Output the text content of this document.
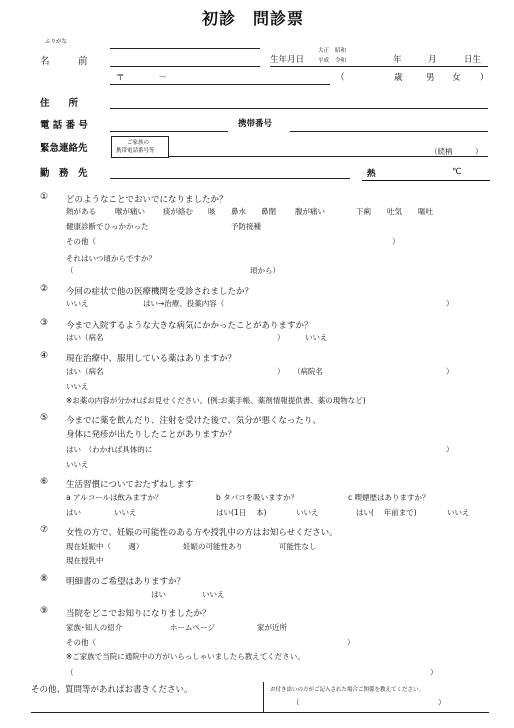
初診　問診票
ふりがな
名　　　前	生年月日
大正 昭和
平成 令和	年	月	日生
〒　　　　－	（	歳	男 女 ）
住　　所
電 話 番 号	携帯番号
緊急連絡先	ご家族の
携帯電話番号等	（続柄　　　）
勤　務　先	熱	℃
① どのようなことでおいでになりましたか？
熱がある	喉が痛い 痰が絡む 咳 鼻水 鼻閉	腹が痛い	下痢 吐気 嘔吐
健康診断でひっかかった	予防接種
その他（	）
それはいつ頃からですか？
（	頃から）
② 今回の症状で他の医療機関を受診されましたか？
いいえ	はい→治療、投薬内容（	）
③ 今まで入院するような大きな病気にかかったことがありますか？
はい（病名	）	いいえ
④ 現在治療中、服用している薬はありますか？
はい（病名	） （病院名	）
いいえ
※お薬の内容が分かればお見せください。(例:お薬手帳、薬剤情報提供書、薬の現物など)
⑤ 今までに薬を飲んだり、注射を受けた後で、気分が悪くなったり、
身体に発疹が出たりしたことがありますか？
はい　（わかれば具体的に	）
いいえ
⑥ 生活習慣についておたずねします
a アルコールは飲みますか？	b タバコを吸いますか？	c 喫煙歴はありますか？
はい	いいえ	はい(1日　 本)	いいえ	はい(　 年前まで)	いいえ
⑦ 女性の方で、妊娠の可能性のある方や授乳中の方はお知らせください。
現在妊娠中（　　 週）	妊娠の可能性あり	可能性なし
現在授乳中
⑧ 明細書のご希望はありますか？
はい	いいえ
⑨ 当院をどこでお知りになりましたか？
家族･知人の紹介	ホームページ	家が近所
その他（	）
※ご家族で当院に通院中の方がいらっしゃいましたら教えてください。
（	）
その他、質問等があればお書きください。	お付き添いの方がご記入された場合ご関係を教えてください。
（	）
